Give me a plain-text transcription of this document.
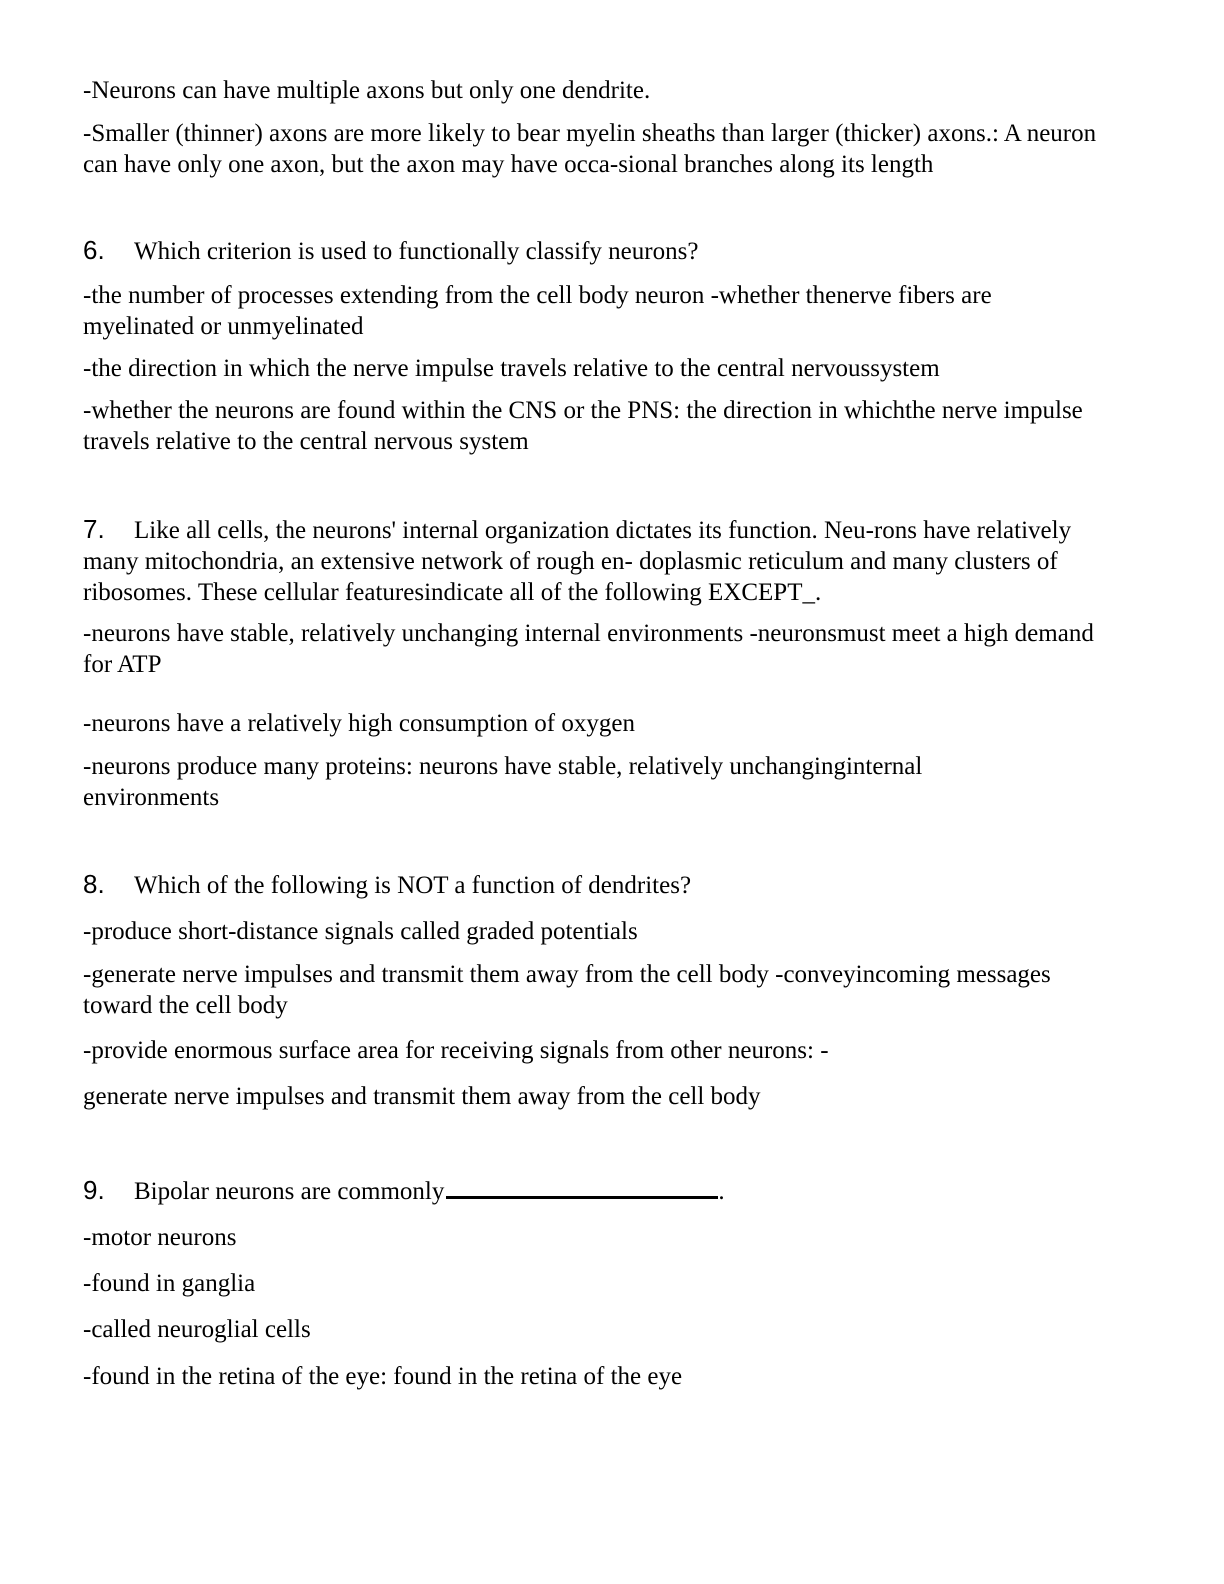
-Neurons can have multiple axons but only one dendrite.

-Smaller (thinner) axons are more likely to bear myelin sheaths than larger (thicker) axons.: A neuron can have only one axon, but the axon may have occa-sional branches along its length

6. Which criterion is used to functionally classify neurons?

-the number of processes extending from the cell body neuron -whether thenerve fibers are myelinated or unmyelinated

-the direction in which the nerve impulse travels relative to the central nervoussystem

-whether the neurons are found within the CNS or the PNS: the direction in whichthe nerve impulse travels relative to the central nervous system

7. Like all cells, the neurons' internal organization dictates its function. Neu-rons have relatively many mitochondria, an extensive network of rough en- doplasmic reticulum and many clusters of ribosomes. These cellular featuresindicate all of the following EXCEPT_.

-neurons have stable, relatively unchanging internal environments -neuronsmust meet a high demand for ATP

-neurons have a relatively high consumption of oxygen

-neurons produce many proteins: neurons have stable, relatively unchanginginternal environments

8. Which of the following is NOT a function of dendrites?

-produce short-distance signals called graded potentials

-generate nerve impulses and transmit them away from the cell body -conveyincoming messages toward the cell body

-provide enormous surface area for receiving signals from other neurons: -

generate nerve impulses and transmit them away from the cell body

9. Bipolar neurons are commonly	.

-motor neurons

-found in ganglia

-called neuroglial cells

-found in the retina of the eye: found in the retina of the eye
